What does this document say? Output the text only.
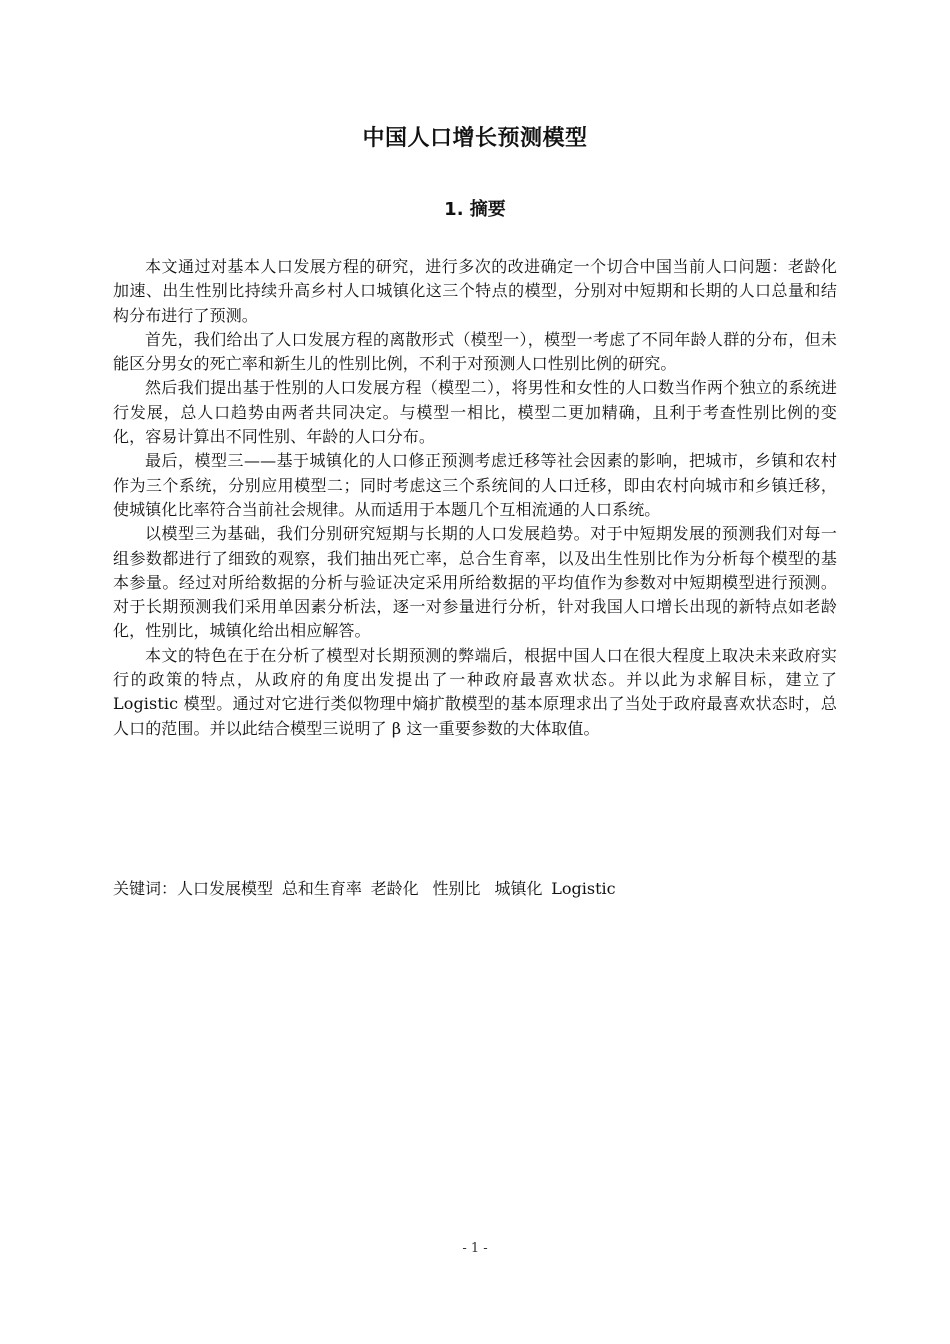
中国人口增长预测模型
1. 摘要

本文通过对基本人口发展方程的研究，进行多次的改进确定一个切合中国当前人口问题：老龄化加速、出生性别比持续升高乡村人口城镇化这三个特点的模型，分别对中短期和长期的人口总量和结构分布进行了预测。

首先，我们给出了人口发展方程的离散形式（模型一），模型一考虑了不同年龄人群的分布，但未能区分男女的死亡率和新生儿的性别比例，不利于对预测人口性别比例的研究。

然后我们提出基于性别的人口发展方程（模型二），将男性和女性的人口数当作两个独立的系统进行发展，总人口趋势由两者共同决定。与模型一相比，模型二更加精确，且利于考查性别比例的变化，容易计算出不同性别、年龄的人口分布。

最后，模型三——基于城镇化的人口修正预测考虑迁移等社会因素的影响，把城市，乡镇和农村作为三个系统，分别应用模型二；同时考虑这三个系统间的人口迁移，即由农村向城市和乡镇迁移，使城镇化比率符合当前社会规律。从而适用于本题几个互相流通的人口系统。

以模型三为基础，我们分别研究短期与长期的人口发展趋势。对于中短期发展的预测我们对每一组参数都进行了细致的观察，我们抽出死亡率，总合生育率，以及出生性别比作为分析每个模型的基本参量。经过对所给数据的分析与验证决定采用所给数据的平均值作为参数对中短期模型进行预测。对于长期预测我们采用单因素分析法，逐一对参量进行分析，针对我国人口增长出现的新特点如老龄化，性别比，城镇化给出相应解答。

本文的特色在于在分析了模型对长期预测的弊端后，根据中国人口在很大程度上取决未来政府实行的政策的特点，从政府的角度出发提出了一种政府最喜欢状态。并以此为求解目标，建立了 Logistic 模型。通过对它进行类似物理中熵扩散模型的基本原理求出了当处于政府最喜欢状态时，总人口的范围。并以此结合模型三说明了 β 这一重要参数的大体取值。

关键词：人口发展模型 总和生育率 老龄化 性别比 城镇化 Logistic
- 1 -
